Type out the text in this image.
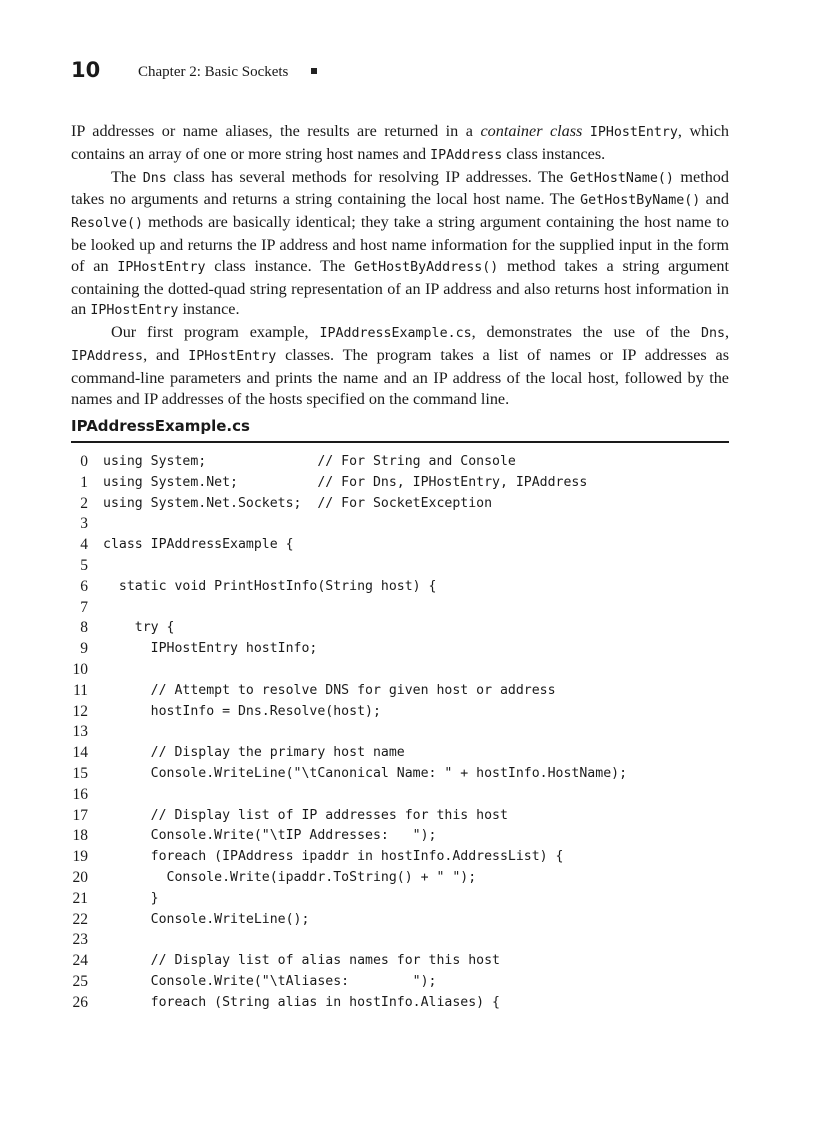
10	Chapter 2: Basic Sockets

IP addresses or name aliases, the results are returned in a container class IPHostEntry, which contains an array of one or more string host names and IPAddress class instances.

The Dns class has several methods for resolving IP addresses. The GetHostName() method takes no arguments and returns a string containing the local host name. The GetHostByName() and Resolve() methods are basically identical; they take a string argument containing the host name to be looked up and returns the IP address and host name information for the supplied input in the form of an IPHostEntry class instance. The GetHostByAddress() method takes a string argument containing the dotted-quad string representation of an IP address and also returns host information in an IPHostEntry instance.

Our first program example, IPAddressExample.cs, demonstrates the use of the Dns, IPAddress, and IPHostEntry classes. The program takes a list of names or IP addresses as command-line parameters and prints the name and an IP address of the local host, followed by the names and IP addresses of the hosts specified on the command line.

IPAddressExample.cs
0 using System;              // For String and Console
1 using System.Net;          // For Dns, IPHostEntry, IPAddress
2 using System.Net.Sockets;  // For SocketException
3
4 class IPAddressExample {
5
6 static void PrintHostInfo(String host) {
7
8 try {
9 IPHostEntry hostInfo;
10
11 // Attempt to resolve DNS for given host or address
12 hostInfo = Dns.Resolve(host);
13
14 // Display the primary host name
15 Console.WriteLine("\tCanonical Name: " + hostInfo.HostName);
16
17 // Display list of IP addresses for this host
18 Console.Write("\tIP Addresses:   ");
19 foreach (IPAddress ipaddr in hostInfo.AddressList) {
20 Console.Write(ipaddr.ToString() + " ");
21 }
22 Console.WriteLine();
23
24 // Display list of alias names for this host
25 Console.Write("\tAliases:        ");
26 foreach (String alias in hostInfo.Aliases) {
